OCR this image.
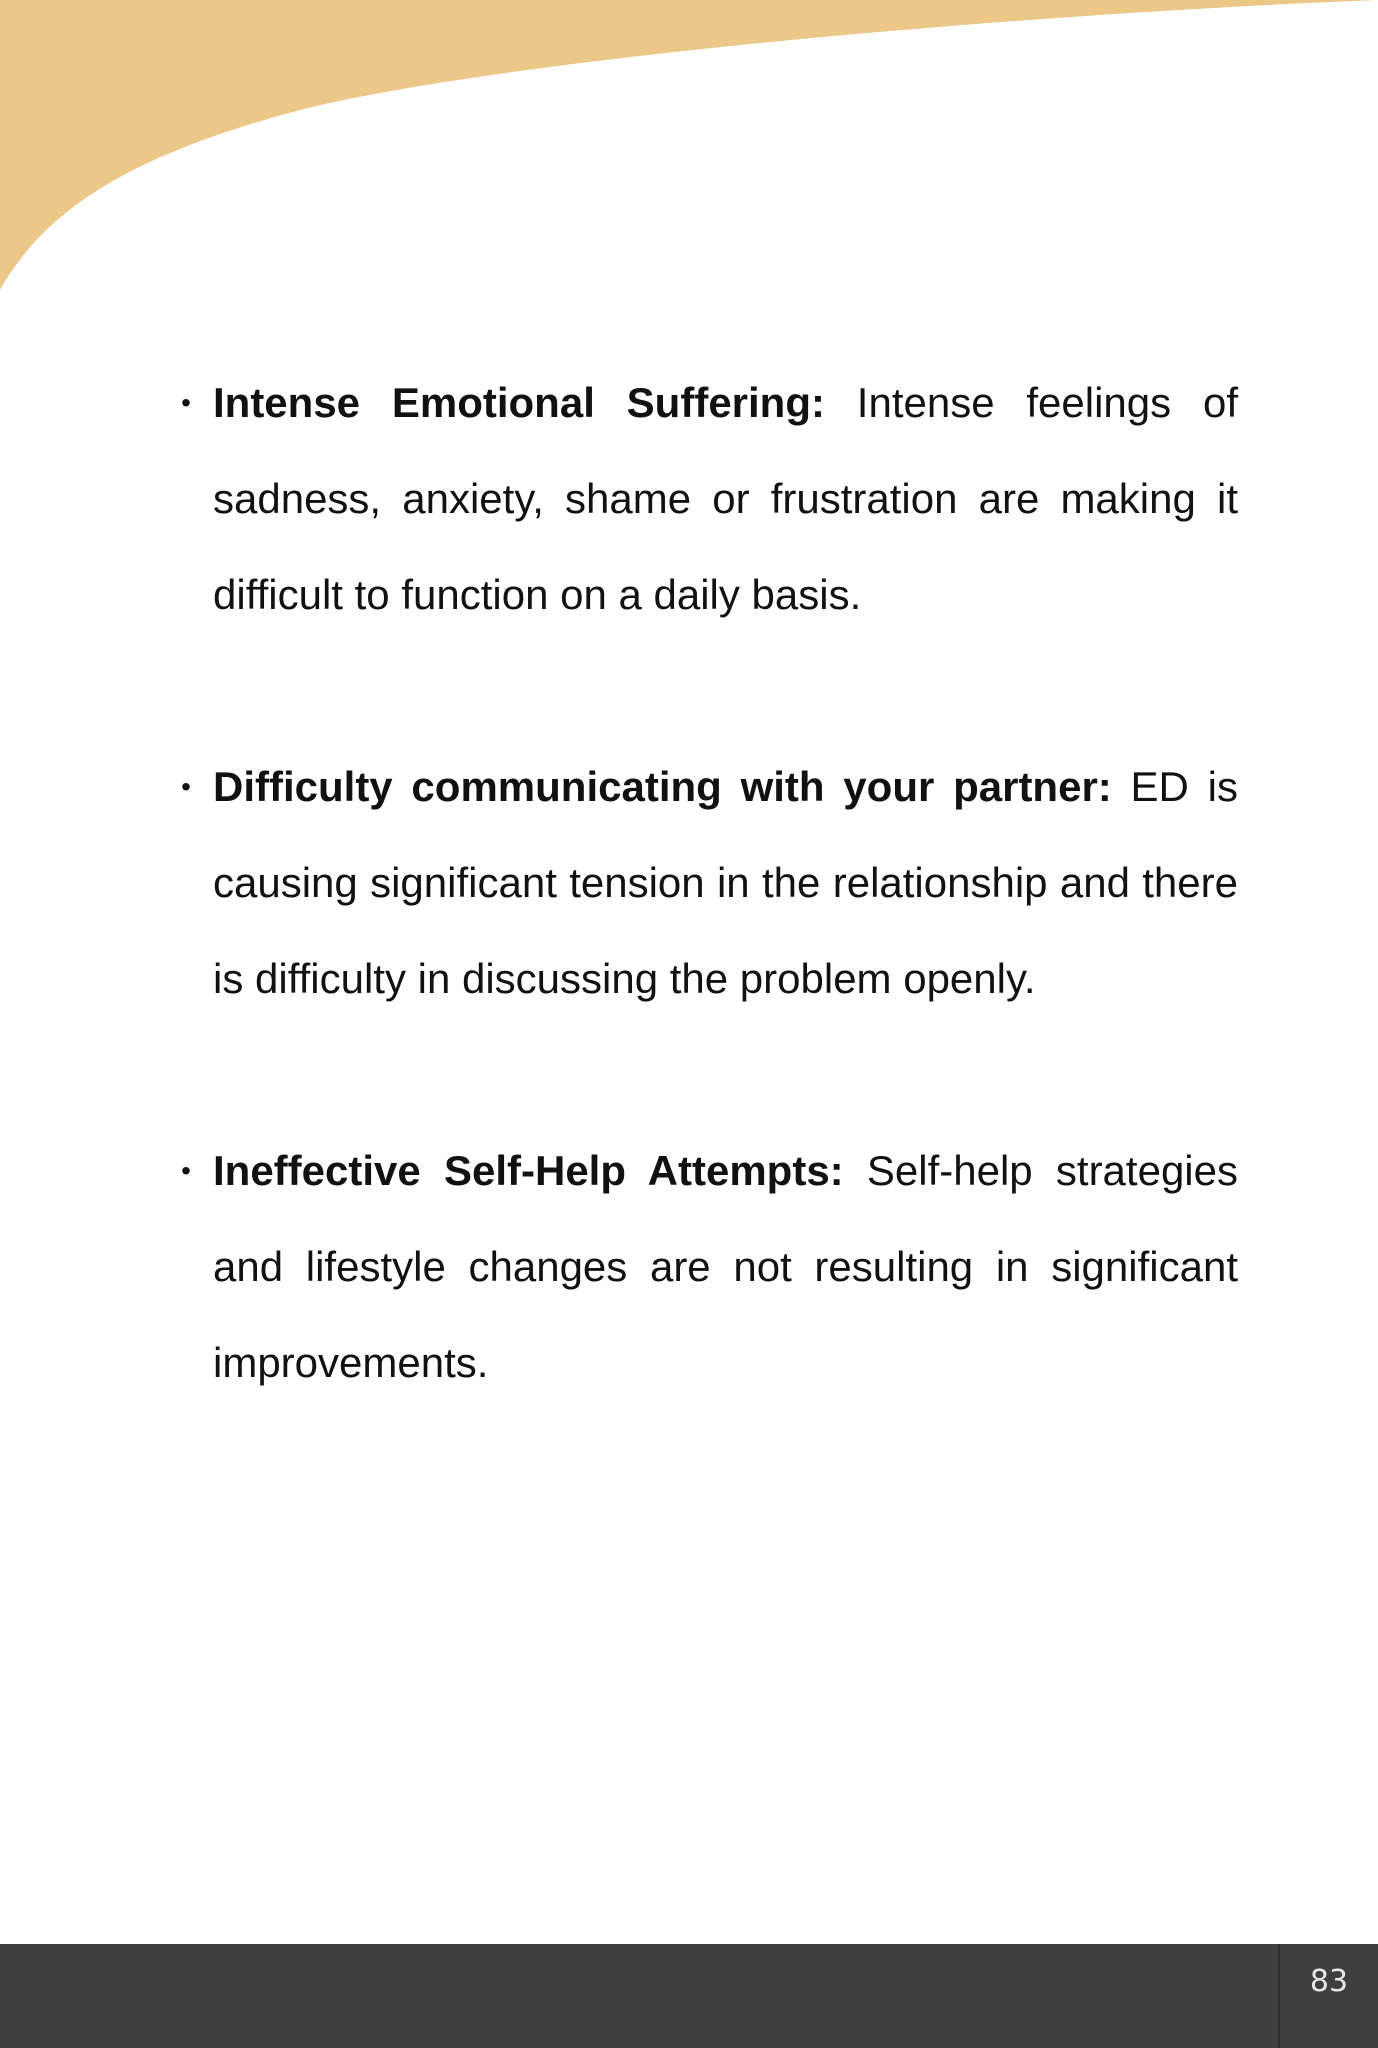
• Intense Emotional Suffering: Intense feelings of sadness, anxiety, shame or frustration are making it difficult to function on a daily basis.
• Difficulty communicating with your partner: ED is causing significant tension in the relationship and there is difficulty in discussing the problem openly.
• Ineffective Self-Help Attempts: Self-help strategies and lifestyle changes are not resulting in significant improvements.
83
